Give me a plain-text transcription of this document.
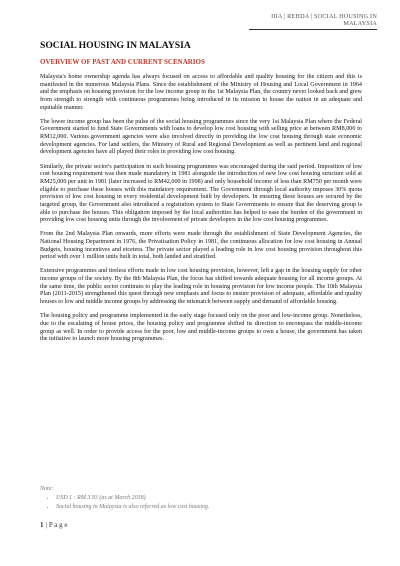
IIIA | REHDA | SOCIAL HOUSING IN MALAYSIA
SOCIAL HOUSING IN MALAYSIA
OVERVIEW OF PAST AND CURRENT SCENARIOS

Malaysia's home ownership agenda has always focused on access to affordable and quality housing for the citizen and this is manifested in the numerous Malaysia Plans. Since the establishment of the Ministry of Housing and Local Government in 1964 and the emphasis on housing provision for the low income group in the 1st Malaysia Plan, the country never looked back and grew from strength to strength with continuous programmes being introduced in its mission to house the nation in an adequate and equitable manner.

The lower income group has been the pulse of the social housing programmes since the very 1st Malaysia Plan where the Federal Government started to fund State Governments with loans to develop low cost housing with selling price at between RM8,000 to RM12,000. Various government agencies were also involved directly in providing the low cost housing through state economic development agencies. For land settlers, the Ministry of Rural and Regional Development as well as pertinent land and regional development agencies have all played their roles in providing low cost housing.

Similarly, the private sector's participation in such housing programmes was encouraged during the said period. Imposition of low cost housing requirement was then made mandatory in 1981 alongside the introduction of new low cost housing structure sold at RM25,000 per unit in 1981 (later increased to RM42,000 in 1998) and only household income of less than RM750 per month were eligible to purchase these houses with this mandatory requirement. The Government through local authority imposes 30% quota provision of low cost housing in every residential development built by developers. In ensuring these houses are secured by the targeted group, the Government also introduced a registration system to State Governments to ensure that the deserving group is able to purchase the houses. This obligation imposed by the local authorities has helped to ease the burden of the government in providing low cost housing units through the involvement of private developers in the low cost housing programmes.

From the 2nd Malaysia Plan onwards, more efforts were made through the establishment of State Development Agencies, the National Housing Department in 1976, the Privatisation Policy in 1981, the continuous allocation for low cost housing in Annual Budgets, housing incentives and etcetera. The private sector played a leading role in low cost housing provision throughout this period with over 1 million units built in total, both landed and stratified.

Extensive programmes and tireless efforts made in low cost housing provision, however, left a gap in the housing supply for other income groups of the society. By the 8th Malaysia Plan, the focus has shifted towards adequate housing for all income groups. At the same time, the public sector continues to play the leading role in housing provision for low income people. The 10th Malaysia Plan (2011-2015) strengthened this quest through new emphasis and focus to ensure provision of adequate, affordable and quality houses to low and middle income groups by addressing the mismatch between supply and demand of affordable housing.

The housing policy and programme implemented in the early stage focused only on the poor and low-income group. Nonetheless, due to the escalating of house prices, the housing policy and programme shifted its direction to encompass the middle-income group as well. In order to provide access for the poor, low and middle-income groups to own a house, the government has taken the initiative to launch more housing programmes.

Note:
• USD 1 : RM 3.93 (as at March 2018)
• Social housing in Malaysia is also referred as low cost housing.
1 | P a g e
